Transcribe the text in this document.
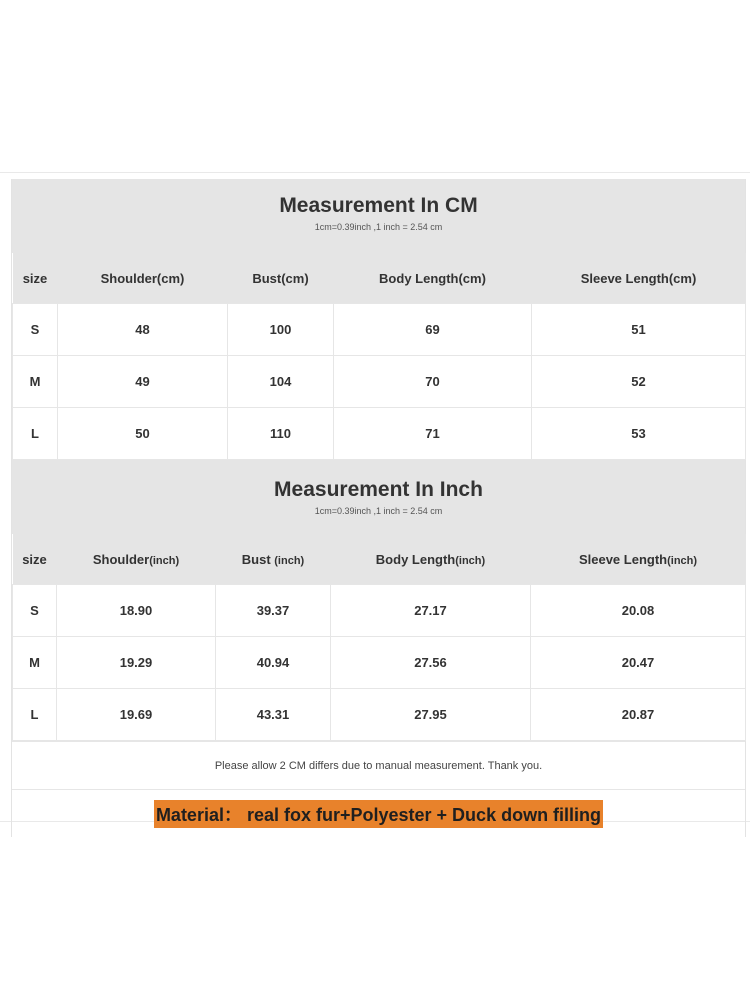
Measurement In CM
1cm=0.39inch ,1 inch = 2.54 cm
size	Shoulder(cm)	Bust(cm)	Body Length(cm)	Sleeve Length(cm)
S	48	100	69	51
M	49	104	70	52
L	50	110	71	53
Measurement In Inch
1cm=0.39inch ,1 inch = 2.54 cm
size	Shoulder(inch)	Bust (inch)	Body Length(inch)	Sleeve Length(inch)
S	18.90	39.37	27.17	20.08
M	19.29	40.94	27.56	20.47
L	19.69	43.31	27.95	20.87
Please allow 2 CM differs due to manual measurement. Thank you.
Material： real fox fur+Polyester + Duck down filling
